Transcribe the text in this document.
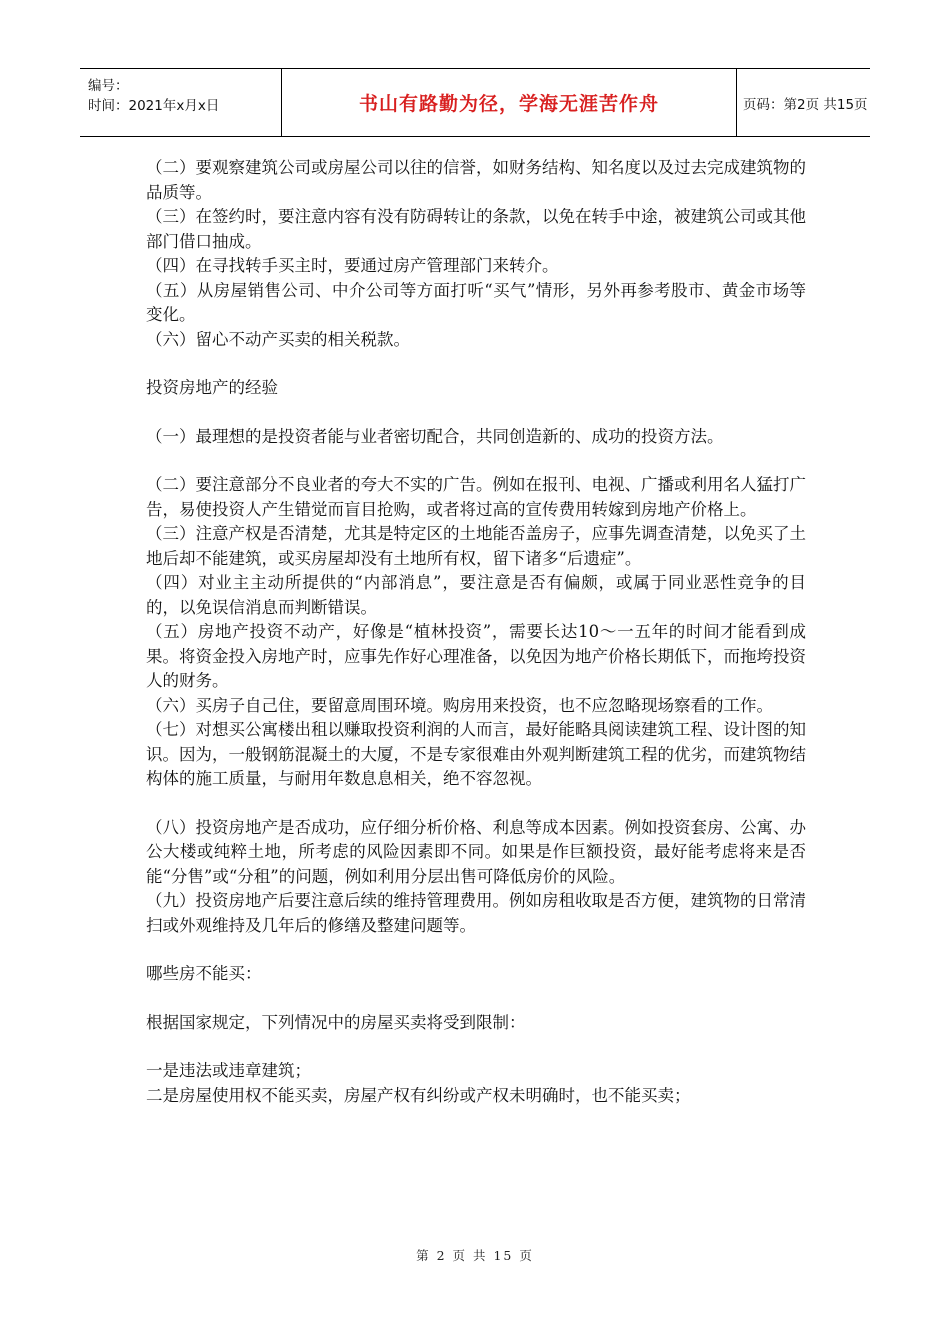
编号：
时间：2021年x月x日	书山有路勤为径，学海无涯苦作舟	页码：第2页 共15页
（二）要观察建筑公司或房屋公司以往的信誉，如财务结构、知名度以及过去完成建筑物的品质等。
（三）在签约时，要注意内容有没有防碍转让的条款，以免在转手中途，被建筑公司或其他部门借口抽成。
（四）在寻找转手买主时，要通过房产管理部门来转介。
（五）从房屋销售公司、中介公司等方面打听“买气”情形，另外再参考股市、黄金市场等变化。
（六）留心不动产买卖的相关税款。
投资房地产的经验
（一）最理想的是投资者能与业者密切配合，共同创造新的、成功的投资方法。
（二）要注意部分不良业者的夸大不实的广告。例如在报刊、电视、广播或利用名人猛打广告，易使投资人产生错觉而盲目抢购，或者将过高的宣传费用转嫁到房地产价格上。
（三）注意产权是否清楚，尤其是特定区的土地能否盖房子，应事先调查清楚，以免买了土地后却不能建筑，或买房屋却没有土地所有权，留下诸多“后遗症”。
（四）对业主主动所提供的“内部消息”，要注意是否有偏颇，或属于同业恶性竞争的目的，以免误信消息而判断错误。
（五）房地产投资不动产，好像是“植林投资”，需要长达10～一五年的时间才能看到成果。将资金投入房地产时，应事先作好心理准备，以免因为地产价格长期低下，而拖垮投资人的财务。
（六）买房子自己住，要留意周围环境。购房用来投资，也不应忽略现场察看的工作。
（七）对想买公寓楼出租以赚取投资利润的人而言，最好能略具阅读建筑工程、设计图的知识。因为，一般钢筋混凝土的大厦，不是专家很难由外观判断建筑工程的优劣，而建筑物结构体的施工质量，与耐用年数息息相关，绝不容忽视。
（八）投资房地产是否成功，应仔细分析价格、利息等成本因素。例如投资套房、公寓、办公大楼或纯粹土地，所考虑的风险因素即不同。如果是作巨额投资，最好能考虑将来是否能“分售”或“分租”的问题，例如利用分层出售可降低房价的风险。
（九）投资房地产后要注意后续的维持管理费用。例如房租收取是否方便，建筑物的日常清扫或外观维持及几年后的修缮及整建问题等。
哪些房不能买：
根据国家规定，下列情况中的房屋买卖将受到限制：
一是违法或违章建筑；
二是房屋使用权不能买卖，房屋产权有纠纷或产权未明确时，也不能买卖；
第 2 页 共 15 页
